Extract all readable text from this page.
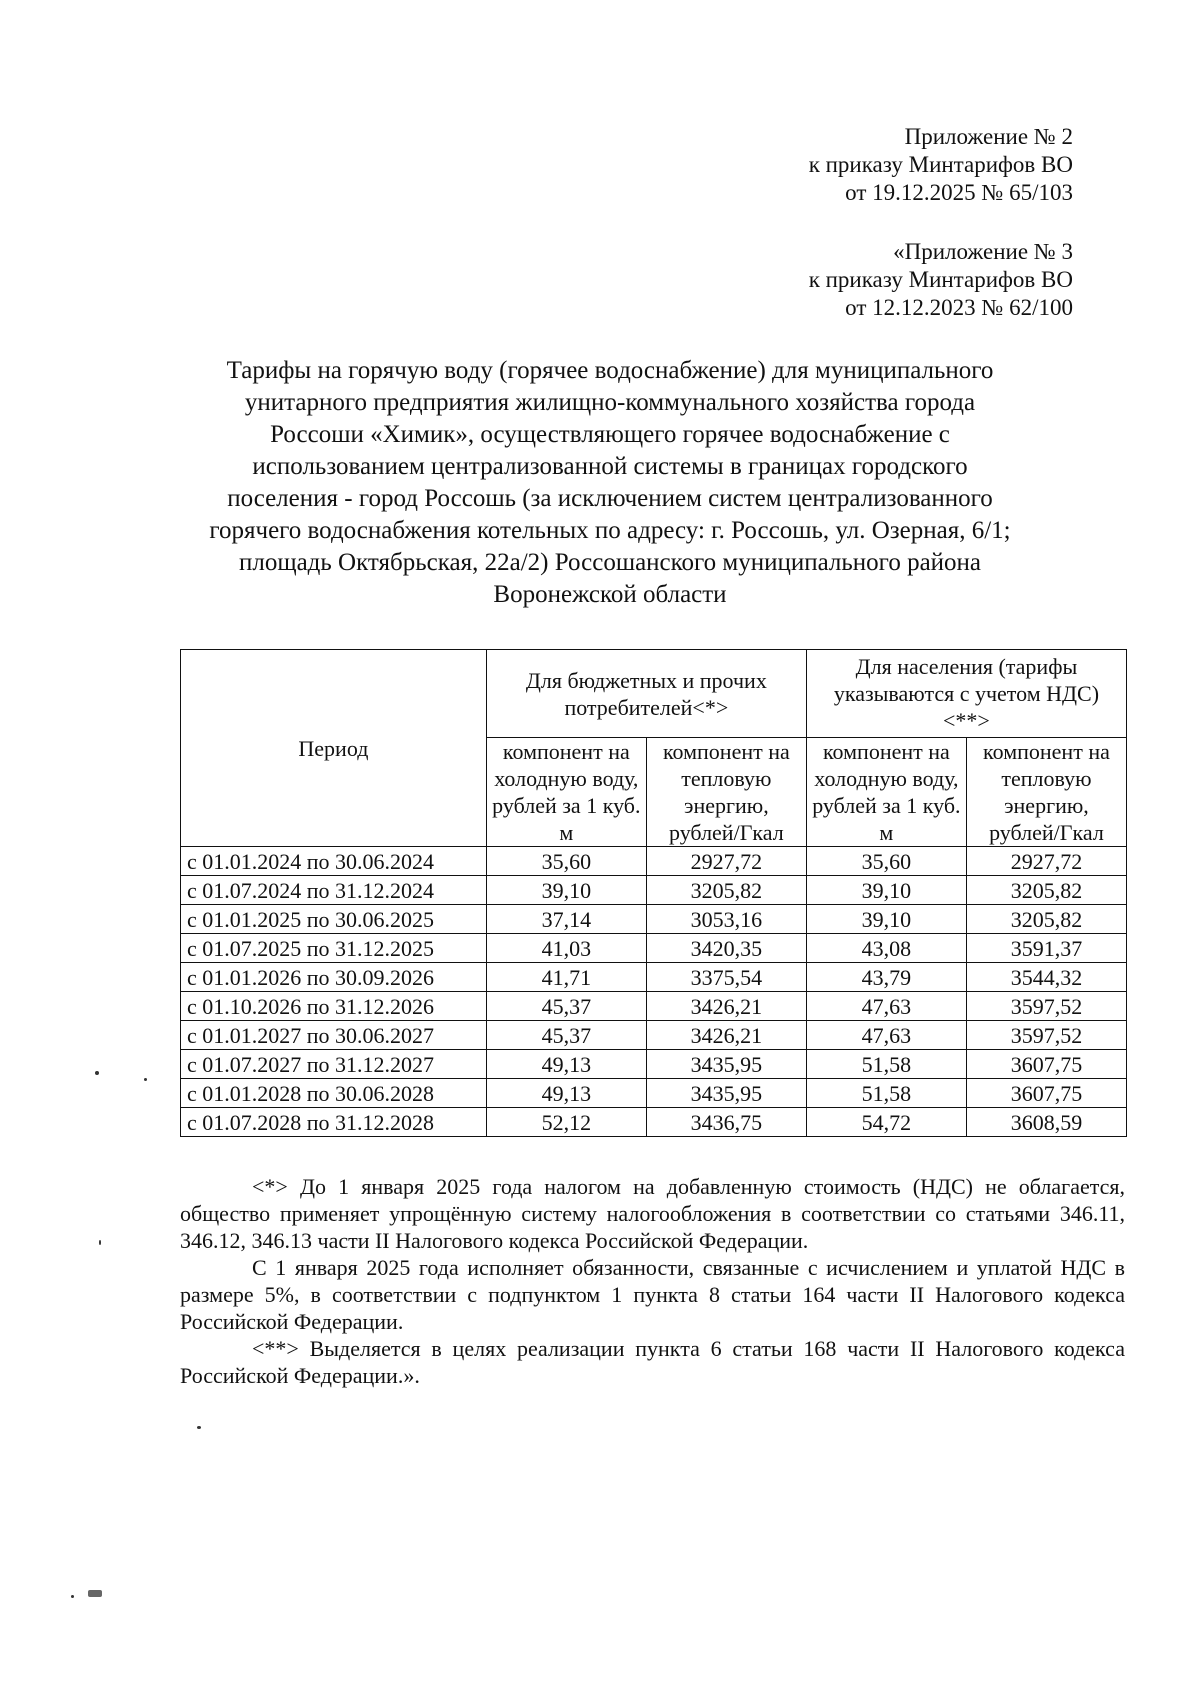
Приложение № 2
к приказу Минтарифов ВО
от 19.12.2025 № 65/103
«Приложение № 3
к приказу Минтарифов ВО
от 12.12.2023 № 62/100
Тарифы на горячую воду (горячее водоснабжение) для муниципального
унитарного предприятия жилищно-коммунального хозяйства города
Россоши «Химик», осуществляющего горячее водоснабжение с
использованием централизованной системы в границах городского
поселения - город Россошь (за исключением систем централизованного
горячего водоснабжения котельных по адресу: г. Россошь, ул. Озерная, 6/1;
площадь Октябрьская, 22а/2) Россошанского муниципального района
Воронежской области
Период	Для бюджетных и прочих потребителей<*>		Для населения (тарифы указываются с учетом НДС) <**>	
	компонент на холодную воду, рублей за 1 куб. м	компонент на тепловую энергию, рублей/Гкал	компонент на холодную воду, рублей за 1 куб. м	компонент на тепловую энергию, рублей/Гкал
с 01.01.2024 по 30.06.2024	35,60	2927,72	35,60	2927,72
с 01.07.2024 по 31.12.2024	39,10	3205,82	39,10	3205,82
с 01.01.2025 по 30.06.2025	37,14	3053,16	39,10	3205,82
с 01.07.2025 по 31.12.2025	41,03	3420,35	43,08	3591,37
с 01.01.2026 по 30.09.2026	41,71	3375,54	43,79	3544,32
с 01.10.2026 по 31.12.2026	45,37	3426,21	47,63	3597,52
с 01.01.2027 по 30.06.2027	45,37	3426,21	47,63	3597,52
с 01.07.2027 по 31.12.2027	49,13	3435,95	51,58	3607,75
с 01.01.2028 по 30.06.2028	49,13	3435,95	51,58	3607,75
с 01.07.2028 по 31.12.2028	52,12	3436,75	54,72	3608,59

<*> До 1 января 2025 года налогом на добавленную стоимость (НДС) не облагается, общество применяет упрощённую систему налогообложения в соответствии со статьями 346.11, 346.12, 346.13 части II Налогового кодекса Российской Федерации.

С 1 января 2025 года исполняет обязанности, связанные с исчислением и уплатой НДС в размере 5%, в соответствии с подпунктом 1 пункта 8 статьи 164 части II Налогового кодекса Российской Федерации.

<**> Выделяется в целях реализации пункта 6 статьи 168 части II Налогового кодекса Российской Федерации.».
